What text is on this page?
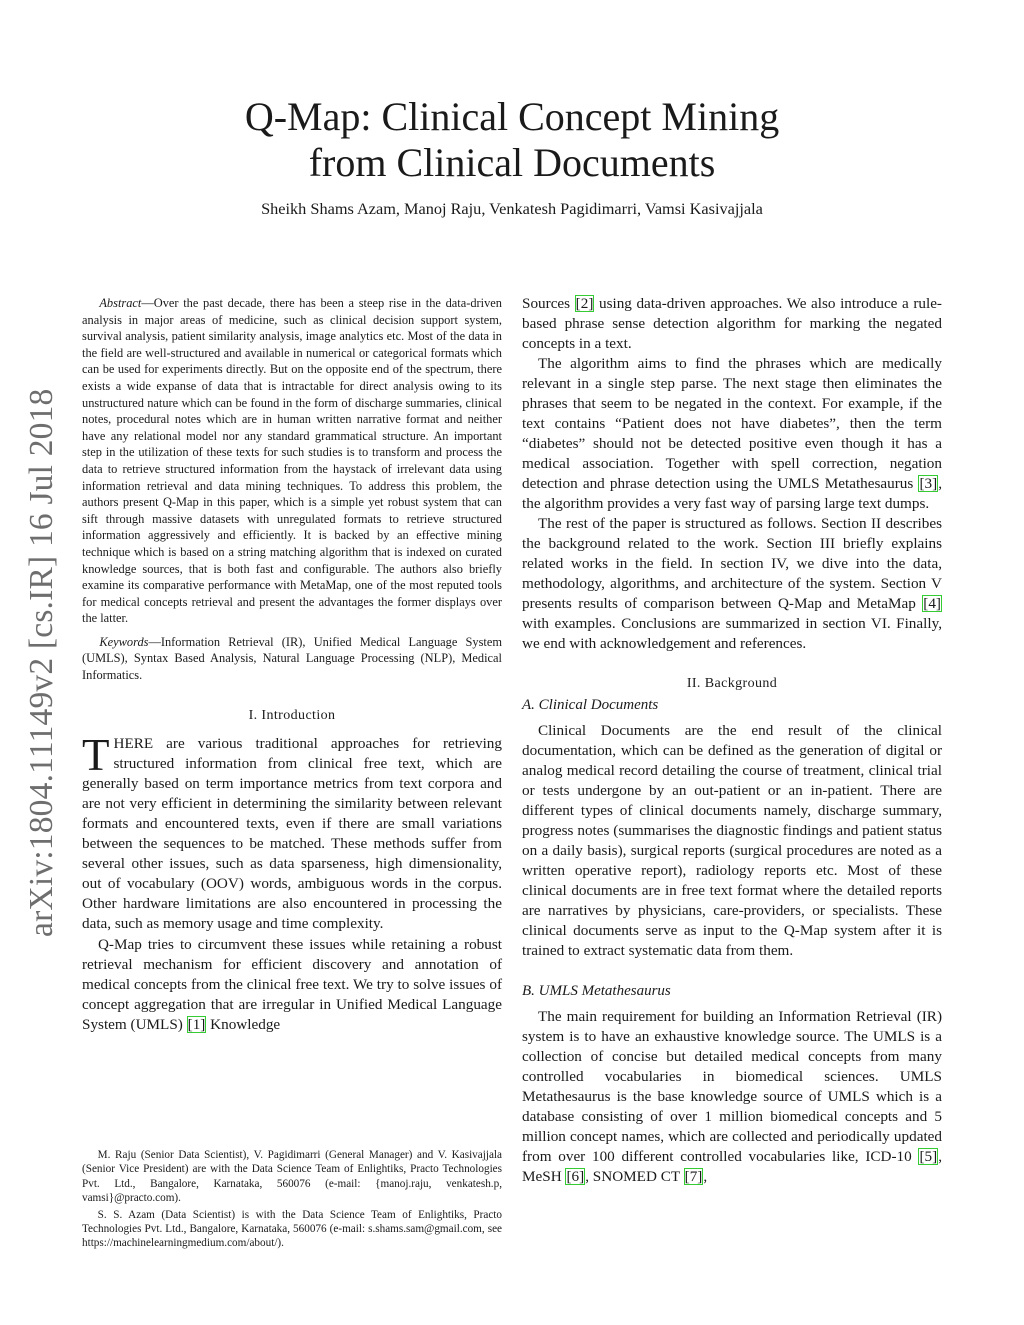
arXiv:1804.11149v2 [cs.IR] 16 Jul 2018
Q-Map: Clinical Concept Mining
from Clinical Documents

Sheikh Shams Azam, Manoj Raju, Venkatesh Pagidimarri, Vamsi Kasivajjala

Abstract—Over the past decade, there has been a steep rise in the data-driven analysis in major areas of medicine, such as clinical decision support system, survival analysis, patient similarity analysis, image analytics etc. Most of the data in the field are well-structured and available in numerical or categorical formats which can be used for experiments directly. But on the opposite end of the spectrum, there exists a wide expanse of data that is intractable for direct analysis owing to its unstructured nature which can be found in the form of discharge summaries, clinical notes, procedural notes which are in human written narrative format and neither have any relational model nor any standard grammatical structure. An important step in the utilization of these texts for such studies is to transform and process the data to retrieve structured information from the haystack of irrelevant data using information retrieval and data mining techniques. To address this problem, the authors present Q-Map in this paper, which is a simple yet robust system that can sift through massive datasets with unregulated formats to retrieve structured information aggressively and efficiently. It is backed by an effective mining technique which is based on a string matching algorithm that is indexed on curated knowledge sources, that is both fast and configurable. The authors also briefly examine its comparative performance with MetaMap, one of the most reputed tools for medical concepts retrieval and present the advantages the former displays over the latter.

Keywords—Information Retrieval (IR), Unified Medical Language System (UMLS), Syntax Based Analysis, Natural Language Processing (NLP), Medical Informatics.

I. Introduction

THERE are various traditional approaches for retrieving structured information from clinical free text, which are generally based on term importance metrics from text corpora and are not very efficient in determining the similarity between relevant formats and encountered texts, even if there are small variations between the sequences to be matched. These methods suffer from several other issues, such as data sparseness, high dimensionality, out of vocabulary (OOV) words, ambiguous words in the corpus. Other hardware limitations are also encountered in processing the data, such as memory usage and time complexity.

Q-Map tries to circumvent these issues while retaining a robust retrieval mechanism for efficient discovery and annotation of medical concepts from the clinical free text. We try to solve issues of concept aggregation that are irregular in Unified Medical Language System (UMLS) [1] Knowledge

M. Raju (Senior Data Scientist), V. Pagidimarri (General Manager) and V. Kasivajjala (Senior Vice President) are with the Data Science Team of Enlightiks, Practo Technologies Pvt. Ltd., Bangalore, Karnataka, 560076 (e-mail: {manoj.raju, venkatesh.p, vamsi}@practo.com).

S. S. Azam (Data Scientist) is with the Data Science Team of Enlightiks, Practo Technologies Pvt. Ltd., Bangalore, Karnataka, 560076 (e-mail: s.shams.sam@gmail.com, see https://machinelearningmedium.com/about/).

Sources [2] using data-driven approaches. We also introduce a rule-based phrase sense detection algorithm for marking the negated concepts in a text.

The algorithm aims to find the phrases which are medically relevant in a single step parse. The next stage then eliminates the phrases that seem to be negated in the context. For example, if the text contains “Patient does not have diabetes”, then the term “diabetes” should not be detected positive even though it has a medical association. Together with spell correction, negation detection and phrase detection using the UMLS Metathesaurus [3], the algorithm provides a very fast way of parsing large text dumps.

The rest of the paper is structured as follows. Section II describes the background related to the work. Section III briefly explains related works in the field. In section IV, we dive into the data, methodology, algorithms, and architecture of the system. Section V presents results of comparison between Q-Map and MetaMap [4] with examples. Conclusions are summarized in section VI. Finally, we end with acknowledgement and references.

II. Background
A. Clinical Documents

Clinical Documents are the end result of the clinical documentation, which can be defined as the generation of digital or analog medical record detailing the course of treatment, clinical trial or tests undergone by an out-patient or an in-patient. There are different types of clinical documents namely, discharge summary, progress notes (summarises the diagnostic findings and patient status on a daily basis), surgical reports (surgical procedures are noted as a written operative report), radiology reports etc. Most of these clinical documents are in free text format where the detailed reports are narratives by physicians, care-providers, or specialists. These clinical documents serve as input to the Q-Map system after it is trained to extract systematic data from them.

B. UMLS Metathesaurus

The main requirement for building an Information Retrieval (IR) system is to have an exhaustive knowledge source. The UMLS is a collection of concise but detailed medical concepts from many controlled vocabularies in biomedical sciences. UMLS Metathesaurus is the base knowledge source of UMLS which is a database consisting of over 1 million biomedical concepts and 5 million concept names, which are collected and periodically updated from over 100 different controlled vocabularies like, ICD-10 [5], MeSH [6], SNOMED CT [7],
